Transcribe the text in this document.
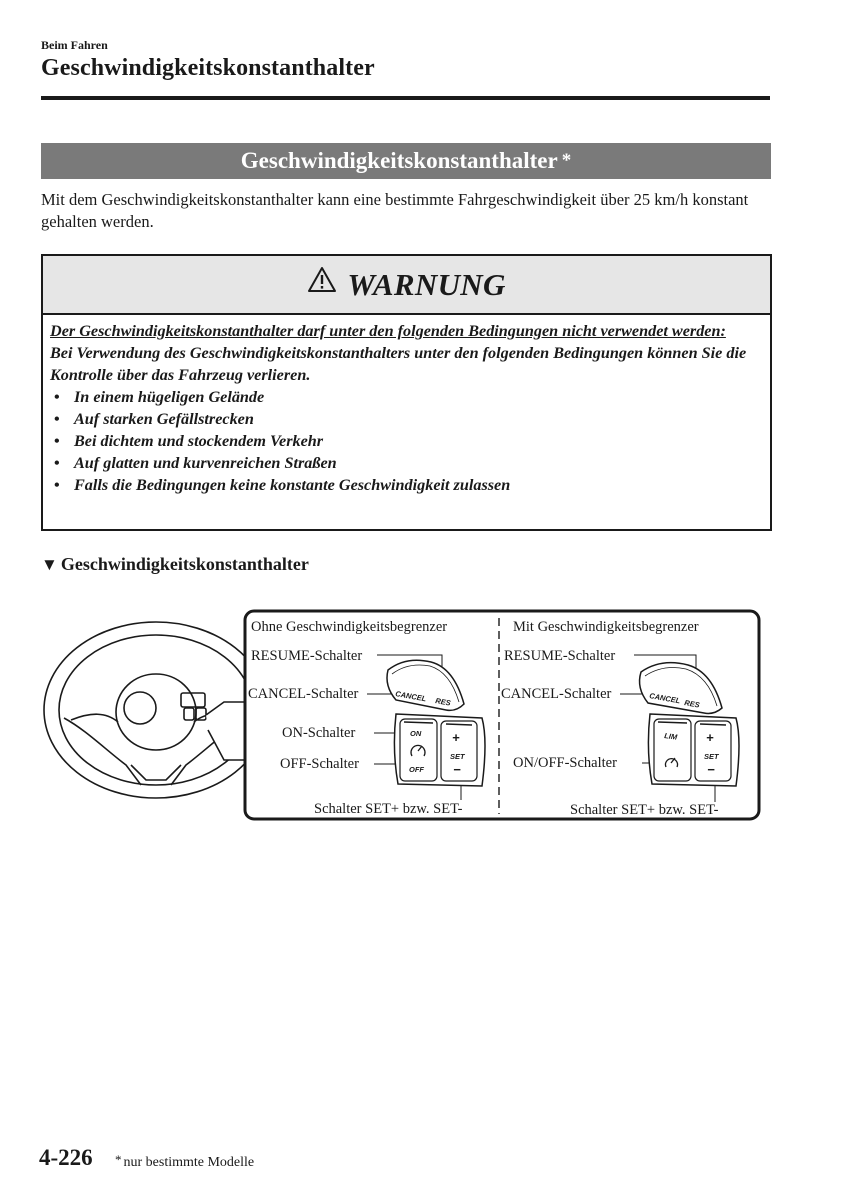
Beim Fahren
Geschwindigkeitskonstanthalter
Geschwindigkeitskonstanthalter *
Mit dem Geschwindigkeitskonstanthalter kann eine bestimmte Fahrgeschwindigkeit über 25 km/h konstant gehalten werden.
WARNUNG
Der Geschwindigkeitskonstanthalter darf unter den folgenden Bedingungen nicht verwendet werden:
Bei Verwendung des Geschwindigkeitskonstanthalters unter den folgenden Bedingungen können Sie die Kontrolle über das Fahrzeug verlieren.
• In einem hügeligen Gelände
• Auf starken Gefällstrecken
• Bei dichtem und stockendem Verkehr
• Auf glatten und kurvenreichen Straßen
• Falls die Bedingungen keine konstante Geschwindigkeit zulassen
▼ Geschwindigkeitskonstanthalter
Ohne Geschwindigkeitsbegrenzer
RESUME-Schalter
CANCEL-Schalter
ON-Schalter
OFF-Schalter
Schalter SET+ bzw. SET-
CANCEL RES
ON
OFF
+
SET
−
Mit Geschwindigkeitsbegrenzer
RESUME-Schalter
CANCEL-Schalter
ON/OFF-Schalter
Schalter SET+ bzw. SET-
CANCEL RES
LIM +
SET
−
4-226 * nur bestimmte Modelle
